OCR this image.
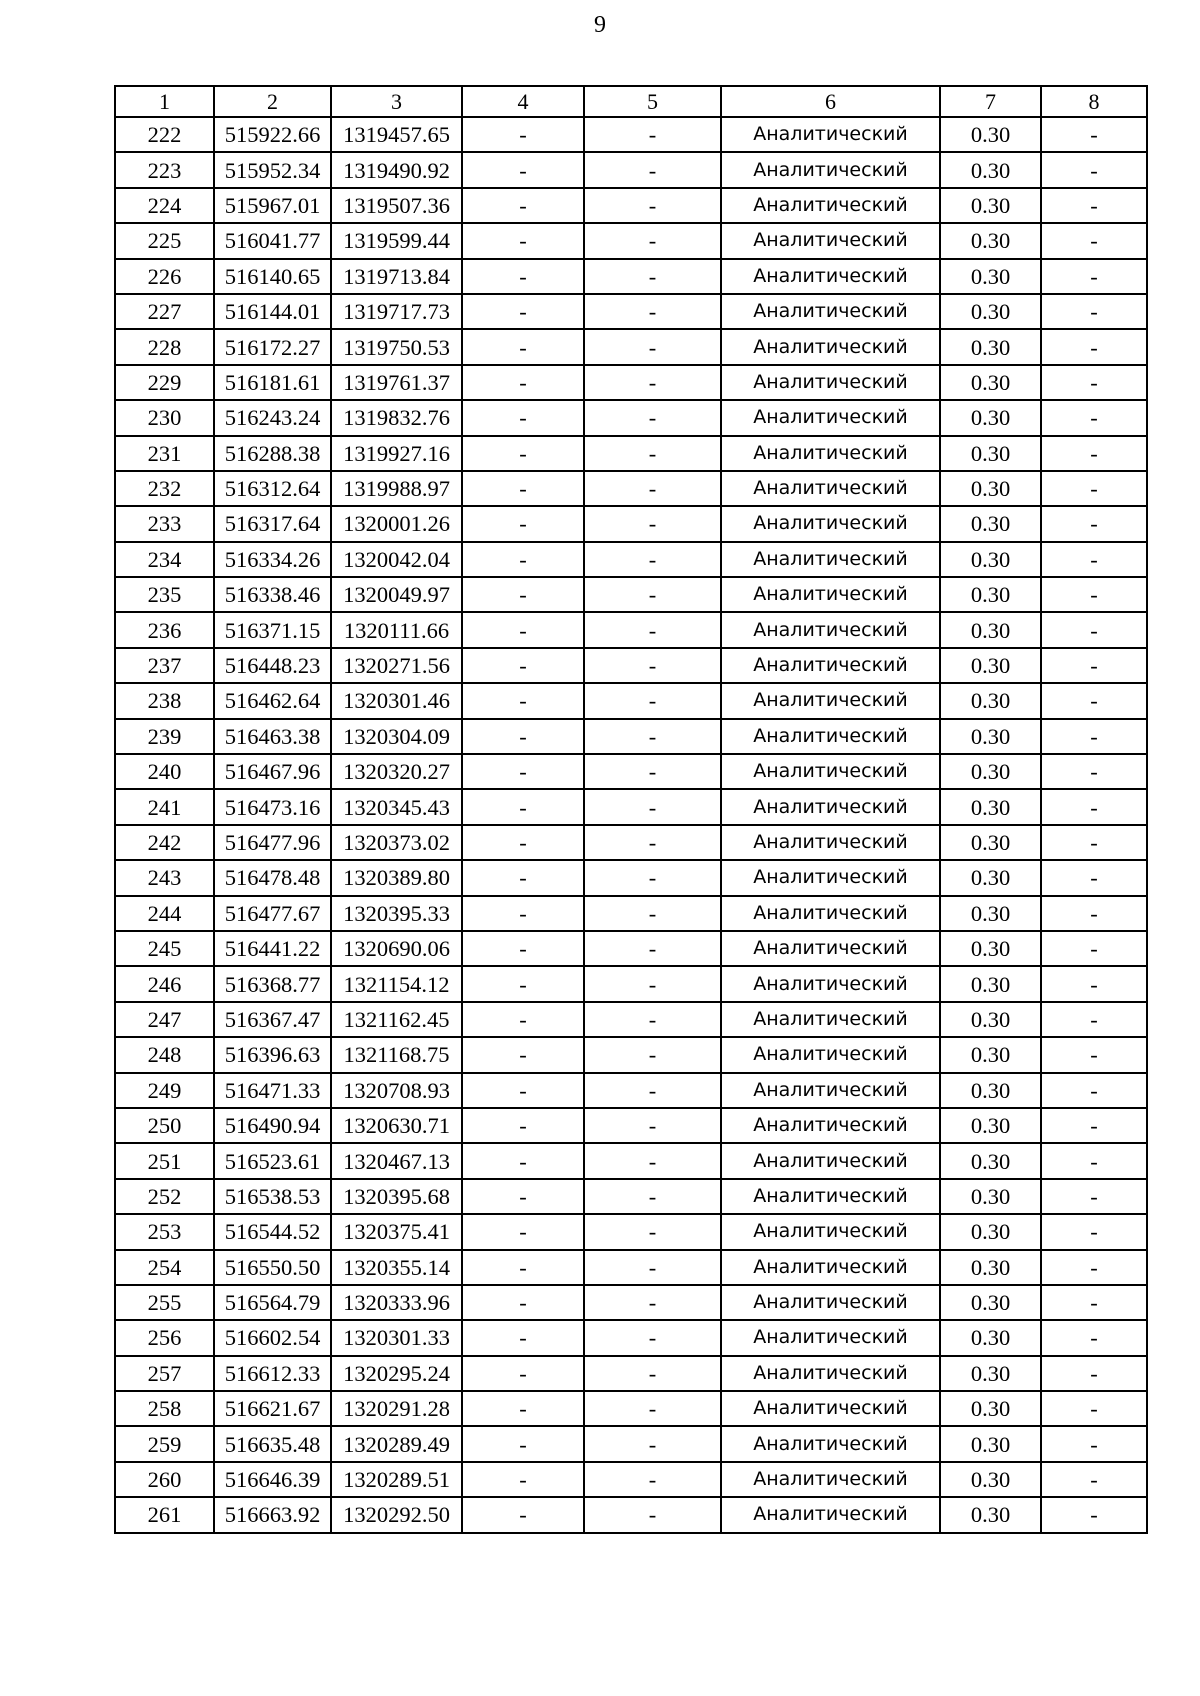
9
1	2	3	4	5	6	7	8
222	515922.66	1319457.65	-	-	Аналитический	0.30	-
223	515952.34	1319490.92	-	-	Аналитический	0.30	-
224	515967.01	1319507.36	-	-	Аналитический	0.30	-
225	516041.77	1319599.44	-	-	Аналитический	0.30	-
226	516140.65	1319713.84	-	-	Аналитический	0.30	-
227	516144.01	1319717.73	-	-	Аналитический	0.30	-
228	516172.27	1319750.53	-	-	Аналитический	0.30	-
229	516181.61	1319761.37	-	-	Аналитический	0.30	-
230	516243.24	1319832.76	-	-	Аналитический	0.30	-
231	516288.38	1319927.16	-	-	Аналитический	0.30	-
232	516312.64	1319988.97	-	-	Аналитический	0.30	-
233	516317.64	1320001.26	-	-	Аналитический	0.30	-
234	516334.26	1320042.04	-	-	Аналитический	0.30	-
235	516338.46	1320049.97	-	-	Аналитический	0.30	-
236	516371.15	1320111.66	-	-	Аналитический	0.30	-
237	516448.23	1320271.56	-	-	Аналитический	0.30	-
238	516462.64	1320301.46	-	-	Аналитический	0.30	-
239	516463.38	1320304.09	-	-	Аналитический	0.30	-
240	516467.96	1320320.27	-	-	Аналитический	0.30	-
241	516473.16	1320345.43	-	-	Аналитический	0.30	-
242	516477.96	1320373.02	-	-	Аналитический	0.30	-
243	516478.48	1320389.80	-	-	Аналитический	0.30	-
244	516477.67	1320395.33	-	-	Аналитический	0.30	-
245	516441.22	1320690.06	-	-	Аналитический	0.30	-
246	516368.77	1321154.12	-	-	Аналитический	0.30	-
247	516367.47	1321162.45	-	-	Аналитический	0.30	-
248	516396.63	1321168.75	-	-	Аналитический	0.30	-
249	516471.33	1320708.93	-	-	Аналитический	0.30	-
250	516490.94	1320630.71	-	-	Аналитический	0.30	-
251	516523.61	1320467.13	-	-	Аналитический	0.30	-
252	516538.53	1320395.68	-	-	Аналитический	0.30	-
253	516544.52	1320375.41	-	-	Аналитический	0.30	-
254	516550.50	1320355.14	-	-	Аналитический	0.30	-
255	516564.79	1320333.96	-	-	Аналитический	0.30	-
256	516602.54	1320301.33	-	-	Аналитический	0.30	-
257	516612.33	1320295.24	-	-	Аналитический	0.30	-
258	516621.67	1320291.28	-	-	Аналитический	0.30	-
259	516635.48	1320289.49	-	-	Аналитический	0.30	-
260	516646.39	1320289.51	-	-	Аналитический	0.30	-
261	516663.92	1320292.50	-	-	Аналитический	0.30	-
